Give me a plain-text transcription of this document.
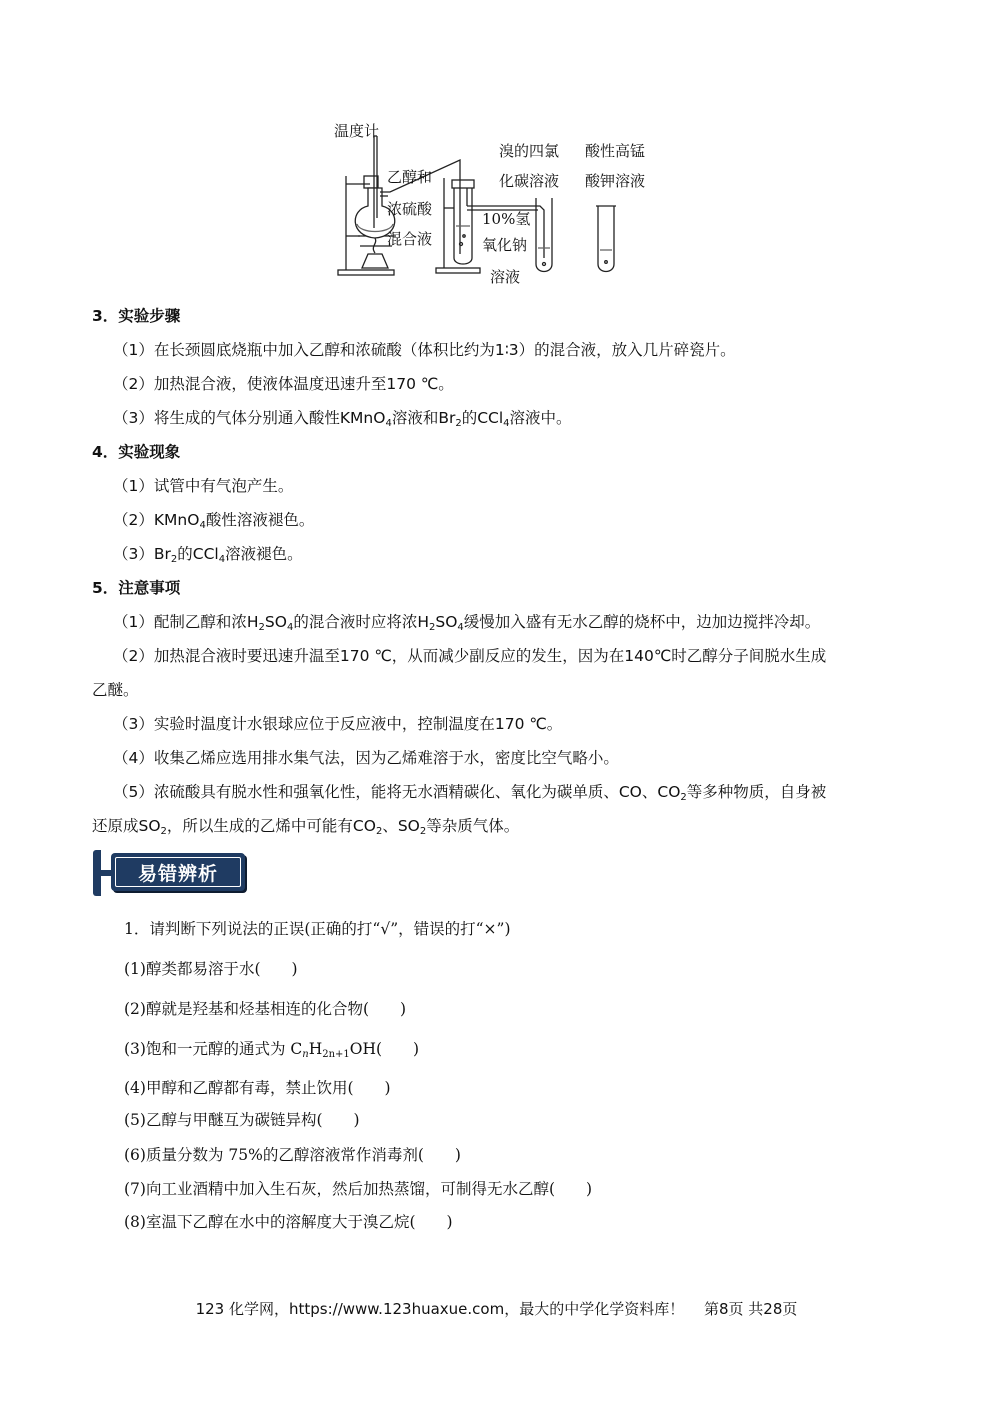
温度计
乙醇和
浓硫酸
混合液
10%氢
氧化钠
溶液
溴的四氯
化碳溶液
酸性高锰
酸钾溶液
3．实验步骤
（1）在长颈圆底烧瓶中加入乙醇和浓硫酸（体积比约为1∶3）的混合液，放入几片碎瓷片。
（2）加热混合液，使液体温度迅速升至170 ℃。
（3）将生成的气体分别通入酸性KMnO$_4$溶液和$Br_2$的CCl$_4$溶液中。
4．实验现象
（1）试管中有气泡产生。
（2）KMnO$_4$酸性溶液褪色。
$(3)Br_2$的CCl$_4$溶液褪色。
5．注意事项
（1）配制乙醇和浓$H_2SO_4$的混合液时应将浓$H_2SO_4$缓慢加入盛有无水乙醇的烧杯中，边加边搅拌冷却。
（2）加热混合液时要迅速升温至170 ℃，从而减少副反应的发生，因为在140℃时乙醇分子间脱水生成
乙醚。
（3）实验时温度计水银球应位于反应液中，控制温度在170 ℃。
（4）收集乙烯应选用排水集气法，因为乙烯难溶于水，密度比空气略小。
（5）浓硫酸具有脱水性和强氧化性，能将无水酒精碳化、氧化为碳单质、CO、$CO_2$等多种物质，自身被
还原成$SO_2$，所以生成的乙烯中可能有$CO_2$、$SO_2$等杂质气体。
易错辨析
1．请判断下列说法的正误(正确的打“√”，错误的打“×”)
(1)醇类都易溶于水(　　)
(2)醇就是羟基和烃基相连的化合物(　　)
(3)饱和一元醇的通式为 $C_nH_{2n+1}OH$(　　)
(4)甲醇和乙醇都有毒，禁止饮用(　　)
(5)乙醇与甲醚互为碳链异构(　　)
(6)质量分数为 75%的乙醇溶液常作消毒剂(　　)
(7)向工业酒精中加入生石灰，然后加热蒸馏，可制得无水乙醇(　　)
(8)室温下乙醇在水中的溶解度大于溴乙烷(　　)
123 化学网，https://www.123huaxue.com，最大的中学化学资料库！　 第8页 共28页
